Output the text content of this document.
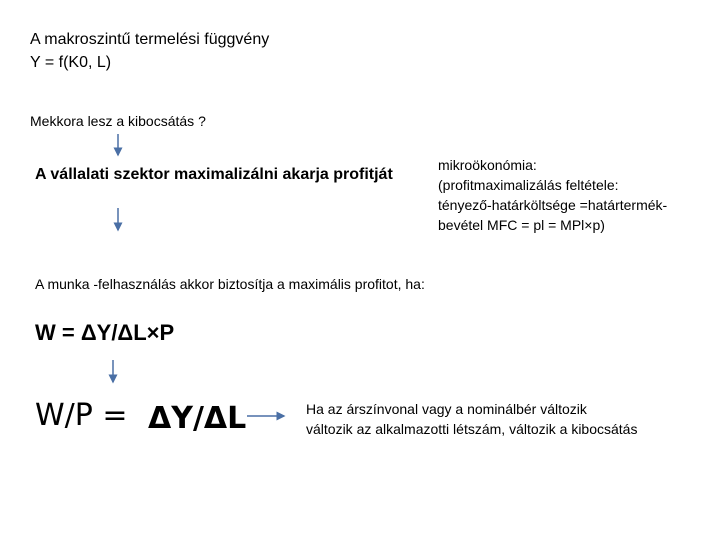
A makroszintű termelési függvény
Y = f(K0, L)
Mekkora lesz a kibocsátás ?
A vállalati szektor maximalizálni akarja profitját
mikroökonómia:
(profitmaximalizálás feltétele:
tényező-határköltsége =határtermék-
bevétel MFC = pl = MPl×p)
A munka -felhasználás akkor biztosítja a maximális profitot, ha:
W = ΔY/ΔL×P
W/P = ΔY/ΔL	Ha az árszínvonal vagy a nominálbér változik
változik az alkalmazotti létszám, változik a kibocsátás
